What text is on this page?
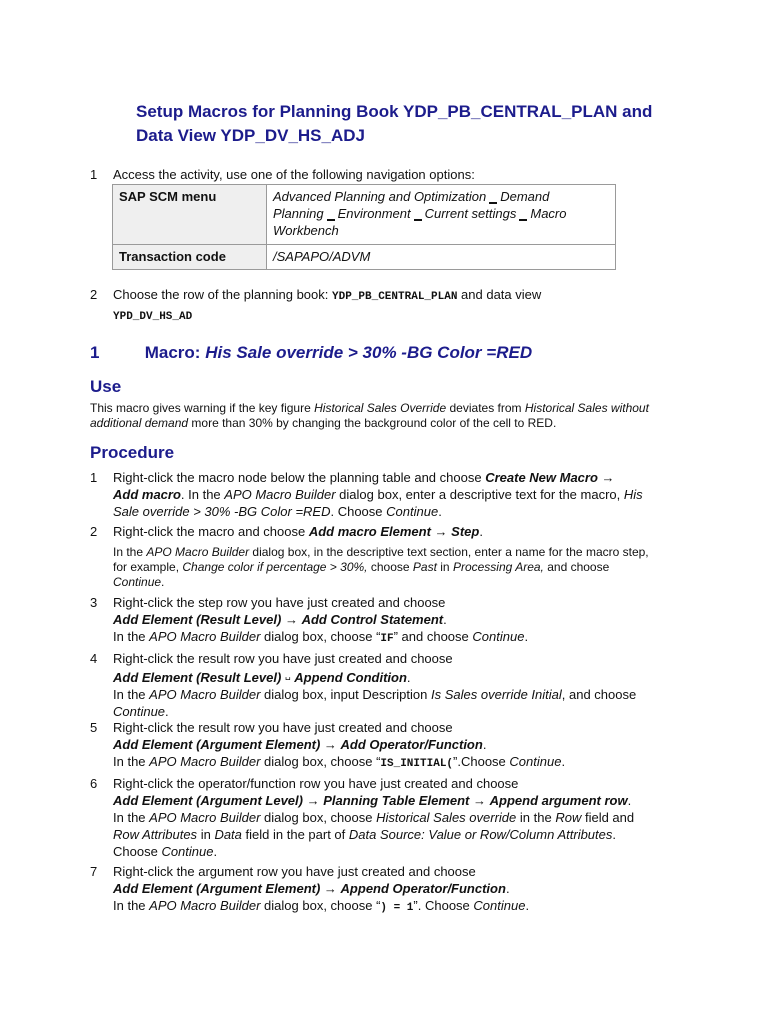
Setup Macros for Planning Book YDP_PB_CENTRAL_PLAN and
Data View YDP_DV_HS_ADJ
1 Access the activity, use one of the following navigation options:
SAP SCM menu	Advanced Planning and Optimization Demand
Planning Environment Current settings Macro
Workbench
Transaction code	/SAPAPO/ADVM
2 Choose the row of the planning book: YDP_PB_CENTRAL_PLAN and data view
YPD_DV_HS_AD
1	Macro: His Sale override > 30% -BG Color =RED
Use
This macro gives warning if the key figure Historical Sales Override deviates from Historical Sales without
additional demand more than 30% by changing the background color of the cell to RED.
Procedure
1 Right-click the macro node below the planning table and choose Create New Macro →
Add macro. In the APO Macro Builder dialog box, enter a descriptive text for the macro, His
Sale override > 30% -BG Color =RED. Choose Continue.
2 Right-click the macro and choose Add macro Element → Step.
In the APO Macro Builder dialog box, in the descriptive text section, enter a name for the macro step,
for example, Change color if percentage > 30%, choose Past in Processing Area, and choose
Continue.
3 Right-click the step row you have just created and choose
Add Element (Result Level) → Add Control Statement.
In the APO Macro Builder dialog box, choose “IF” and choose Continue.
4 Right-click the result row you have just created and choose
Add Element (Result Level) ␣ Append Condition.
In the APO Macro Builder dialog box, input Description Is Sales override Initial, and choose
Continue.
5 Right-click the result row you have just created and choose
Add Element (Argument Element) → Add Operator/Function.
In the APO Macro Builder dialog box, choose “IS_INITIAL(”.Choose Continue.
6 Right-click the operator/function row you have just created and choose
Add Element (Argument Level) → Planning Table Element → Append argument row.
In the APO Macro Builder dialog box, choose Historical Sales override in the Row field and
Row Attributes in Data field in the part of Data Source: Value or Row/Column Attributes.
Choose Continue.
7 Right-click the argument row you have just created and choose
Add Element (Argument Element) → Append Operator/Function.
In the APO Macro Builder dialog box, choose “) = 1”. Choose Continue.
